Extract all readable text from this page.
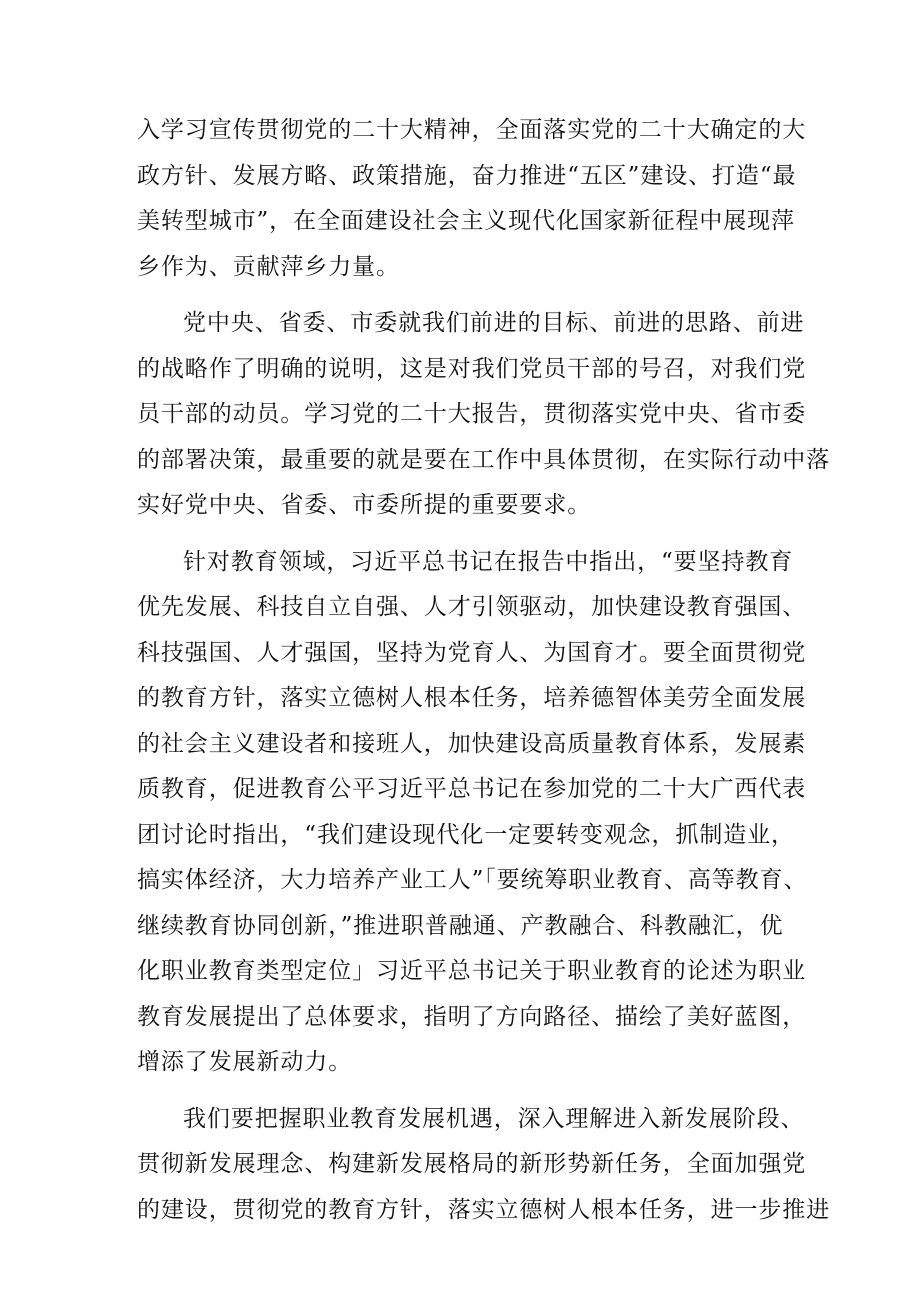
入学习宣传贯彻党的二十大精神，全面落实党的二十大确定的大
政方针、发展方略、政策措施，奋力推进“五区”建设、打造“最
美转型城市”，在全面建设社会主义现代化国家新征程中展现萍
乡作为、贡献萍乡力量。
党中央、省委、市委就我们前进的目标、前进的思路、前进
的战略作了明确的说明，这是对我们党员干部的号召，对我们党
员干部的动员。学习党的二十大报告，贯彻落实党中央、省市委
的部署决策，最重要的就是要在工作中具体贯彻，在实际行动中落
实好党中央、省委、市委所提的重要要求。
针对教育领域，习近平总书记在报告中指出，“要坚持教育
优先发展、科技自立自强、人才引领驱动，加快建设教育强国、
科技强国、人才强国，坚持为党育人、为国育才。要全面贯彻党
的教育方针，落实立德树人根本任务，培养德智体美劳全面发展
的社会主义建设者和接班人，加快建设高质量教育体系，发展素
质教育，促进教育公平习近平总书记在参加党的二十大广西代表
团讨论时指出，“我们建设现代化一定要转变观念，抓制造业，
搞实体经济，大力培养产业工人”「要统筹职业教育、高等教育、
继续教育协同创新，”推进职普融通、产教融合、科教融汇，优
化职业教育类型定位」习近平总书记关于职业教育的论述为职业
教育发展提出了总体要求，指明了方向路径、描绘了美好蓝图，
增添了发展新动力。
我们要把握职业教育发展机遇，深入理解进入新发展阶段、
贯彻新发展理念、构建新发展格局的新形势新任务，全面加强党
的建设，贯彻党的教育方针，落实立德树人根本任务，进一步推进
